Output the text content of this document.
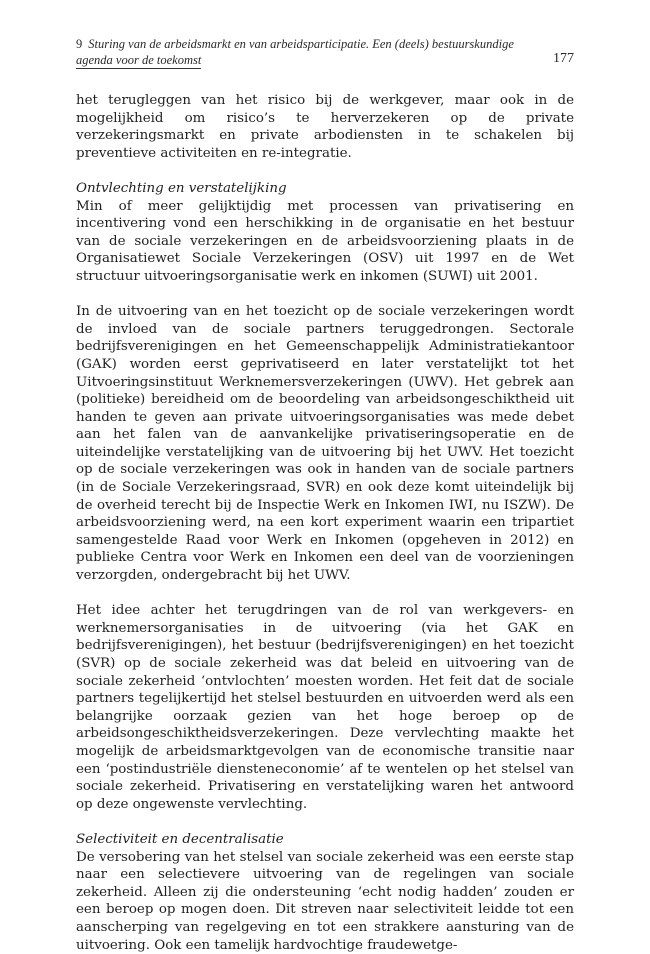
9 Sturing van de arbeidsmarkt en van arbeidsparticipatie. Een (deels) bestuurskundige
agenda voor de toekomst	177

het terugleggen van het risico bij de werkgever, maar ook in de mogelijkheid om risico’s te herverzekeren op de private verzekeringsmarkt en private arbodiensten in te schakelen bij preventieve activiteiten en re-integratie.

Ontvlechting en verstatelijking

Min of meer gelijktijdig met processen van privatisering en incentivering vond een herschikking in de organisatie en het bestuur van de sociale verzekeringen en de arbeidsvoorziening plaats in de Organisatiewet Sociale Verzekeringen (OSV) uit 1997 en de Wet structuur uitvoeringsorganisatie werk en inkomen (SUWI) uit 2001.

In de uitvoering van en het toezicht op de sociale verzekeringen wordt de invloed van de sociale partners teruggedrongen. Sectorale bedrijfsverenigingen en het Gemeenschappelijk Administratiekantoor (GAK) worden eerst geprivatiseerd en later verstatelijkt tot het Uitvoeringsinstituut Werknemersverzekeringen (UWV). Het gebrek aan (politieke) bereidheid om de beoordeling van arbeidsongeschiktheid uit handen te geven aan private uitvoeringsorganisaties was mede debet aan het falen van de aanvankelijke privatiseringsoperatie en de uiteindelijke verstatelijking van de uitvoering bij het UWV. Het toezicht op de sociale verzekeringen was ook in handen van de sociale partners (in de Sociale Verzekeringsraad, SVR) en ook deze komt uiteindelijk bij de overheid terecht bij de Inspectie Werk en Inkomen IWI, nu ISZW). De arbeidsvoorziening werd, na een kort experiment waarin een tripartiet samengestelde Raad voor Werk en Inkomen (opgeheven in 2012) en publieke Centra voor Werk en Inkomen een deel van de voorzieningen verzorgden, ondergebracht bij het UWV.

Het idee achter het terugdringen van de rol van werkgevers- en werknemersorganisaties in de uitvoering (via het GAK en bedrijfsverenigingen), het bestuur (bedrijfsverenigingen) en het toezicht (SVR) op de sociale zekerheid was dat beleid en uitvoering van de sociale zekerheid ‘ontvlochten’ moesten worden. Het feit dat de sociale partners tegelijkertijd het stelsel bestuurden en uitvoerden werd als een belangrijke oorzaak gezien van het hoge beroep op de arbeidsongeschiktheidsverzekeringen. Deze vervlechting maakte het mogelijk de arbeidsmarktgevolgen van de economische transitie naar een ‘postindustriële diensteneconomie’ af te wentelen op het stelsel van sociale zekerheid. Privatisering en verstatelijking waren het antwoord op deze ongewenste vervlechting.

Selectiviteit en decentralisatie

De versobering van het stelsel van sociale zekerheid was een eerste stap naar een selectievere uitvoering van de regelingen van sociale zekerheid. Alleen zij die ondersteuning ‘echt nodig hadden’ zouden er een beroep op mogen doen. Dit streven naar selectiviteit leidde tot een aanscherping van regelgeving en tot een strakkere aansturing van de uitvoering. Ook een tamelijk hardvochtige fraudewetge-
